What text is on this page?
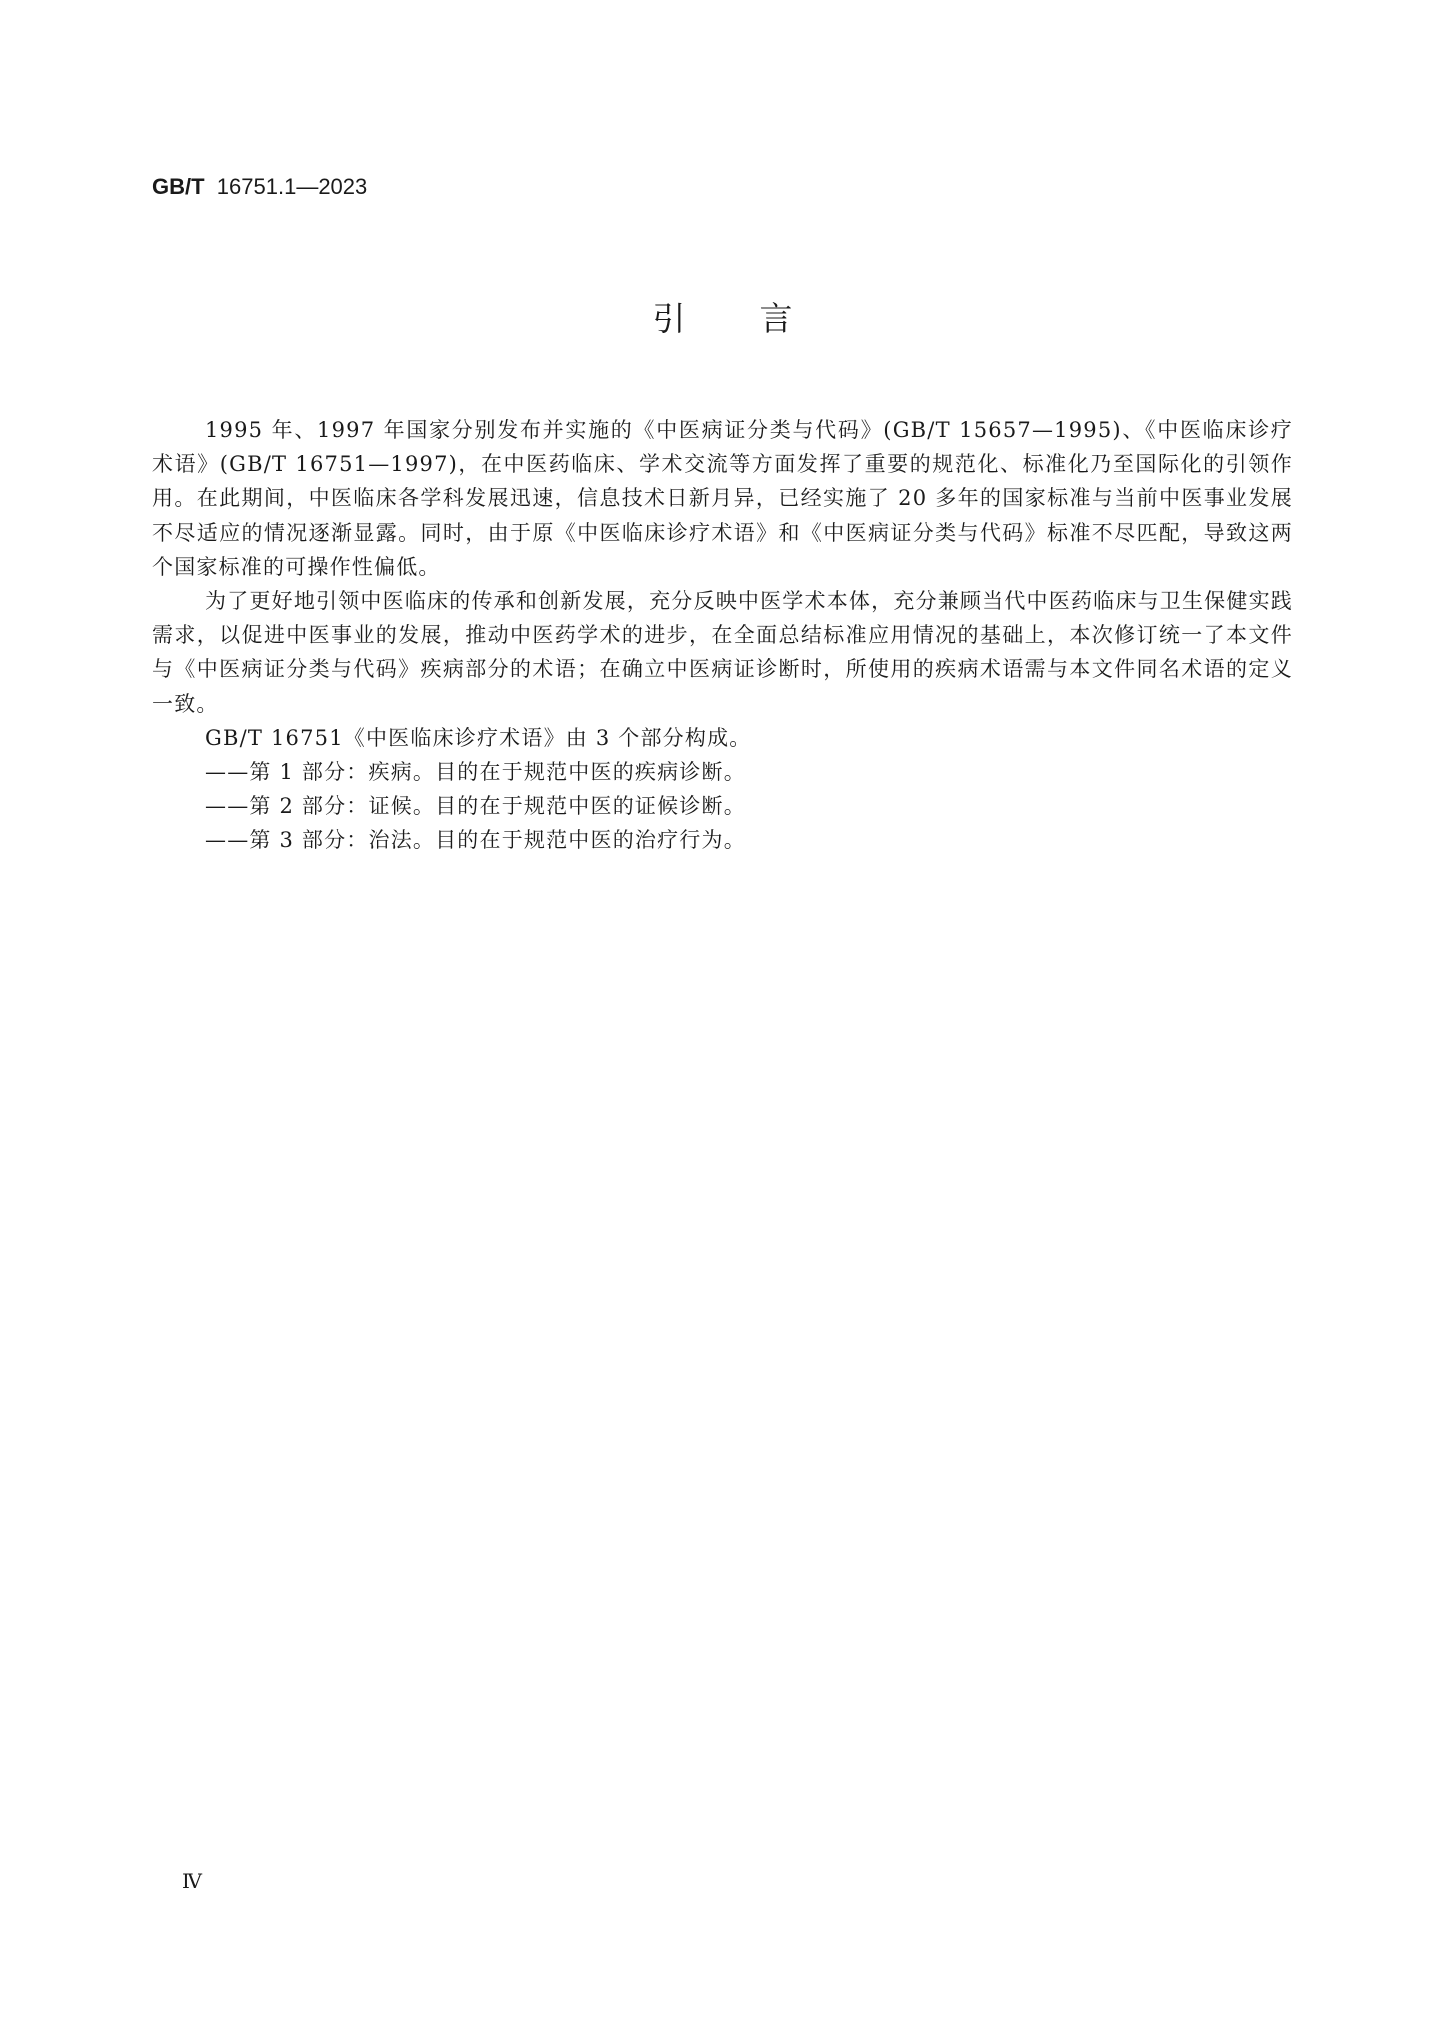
GB/T 16751.1—2023
引言

1995 年、1997 年国家分别发布并实施的《中医病证分类与代码》(GB/T 15657—1995)、《中医临床诊疗术语》(GB/T 16751—1997)，在中医药临床、学术交流等方面发挥了重要的规范化、标准化乃至国际化的引领作用。在此期间，中医临床各学科发展迅速，信息技术日新月异，已经实施了 20 多年的国家标准与当前中医事业发展不尽适应的情况逐渐显露。同时，由于原《中医临床诊疗术语》和《中医病证分类与代码》标准不尽匹配，导致这两个国家标准的可操作性偏低。

为了更好地引领中医临床的传承和创新发展，充分反映中医学术本体，充分兼顾当代中医药临床与卫生保健实践需求，以促进中医事业的发展，推动中医药学术的进步，在全面总结标准应用情况的基础上，本次修订统一了本文件与《中医病证分类与代码》疾病部分的术语；在确立中医病证诊断时，所使用的疾病术语需与本文件同名术语的定义一致。

GB/T 16751《中医临床诊疗术语》由 3 个部分构成。

——第 1 部分：疾病。目的在于规范中医的疾病诊断。

——第 2 部分：证候。目的在于规范中医的证候诊断。

——第 3 部分：治法。目的在于规范中医的治疗行为。

Ⅳ
